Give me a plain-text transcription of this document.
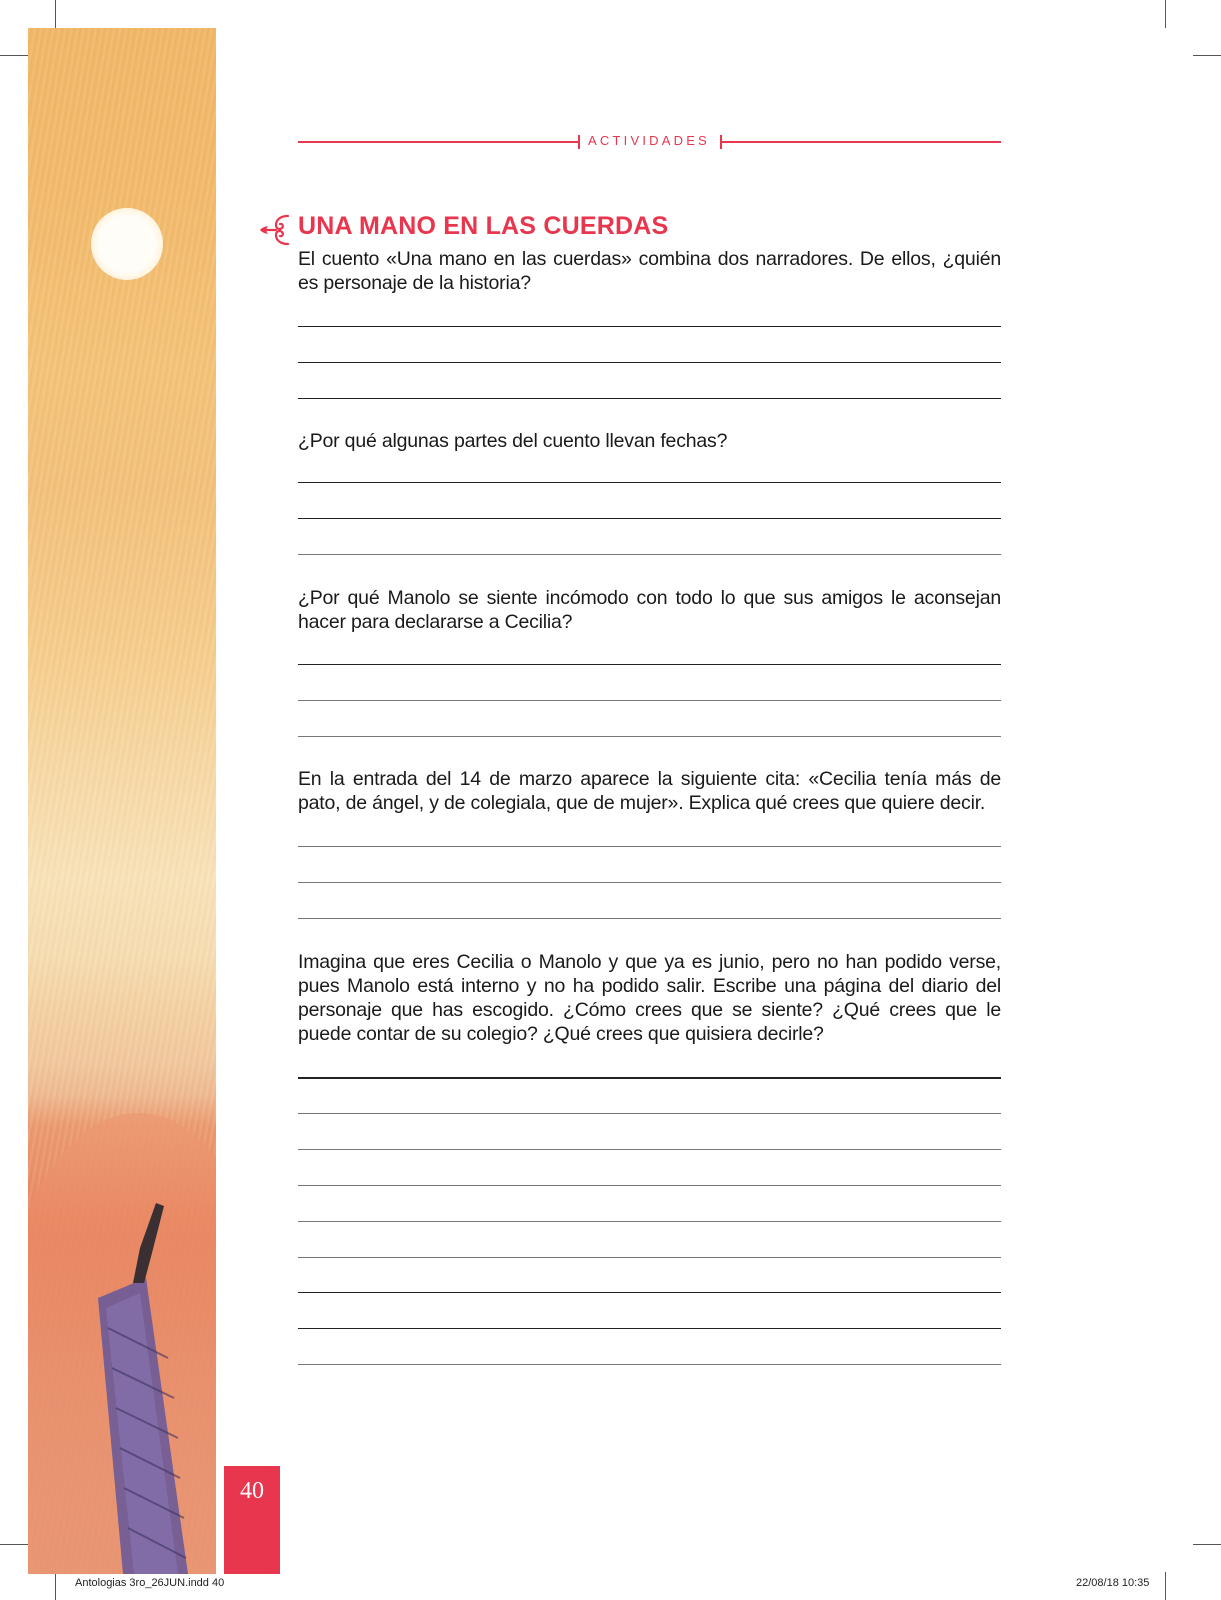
40
ACTIVIDADES
UNA MANO EN LAS CUERDAS
El cuento «Una mano en las cuerdas» combina dos narradores. De ellos, ¿quién es personaje de la historia?
¿Por qué algunas partes del cuento llevan fechas?
¿Por qué Manolo se siente incómodo con todo lo que sus amigos le aconsejan hacer para declararse a Cecilia?
En la entrada del 14 de marzo aparece la siguiente cita: «Cecilia tenía más de pato, de ángel, y de colegiala, que de mujer». Explica qué crees que quiere decir.
Imagina que eres Cecilia o Manolo y que ya es junio, pero no han podido verse, pues Manolo está interno y no ha podido salir. Escribe una página del diario del personaje que has escogido. ¿Cómo crees que se siente? ¿Qué crees que le puede contar de su colegio? ¿Qué crees que quisiera decirle?
Antologias 3ro_26JUN.indd 40	22/08/18 10:35
